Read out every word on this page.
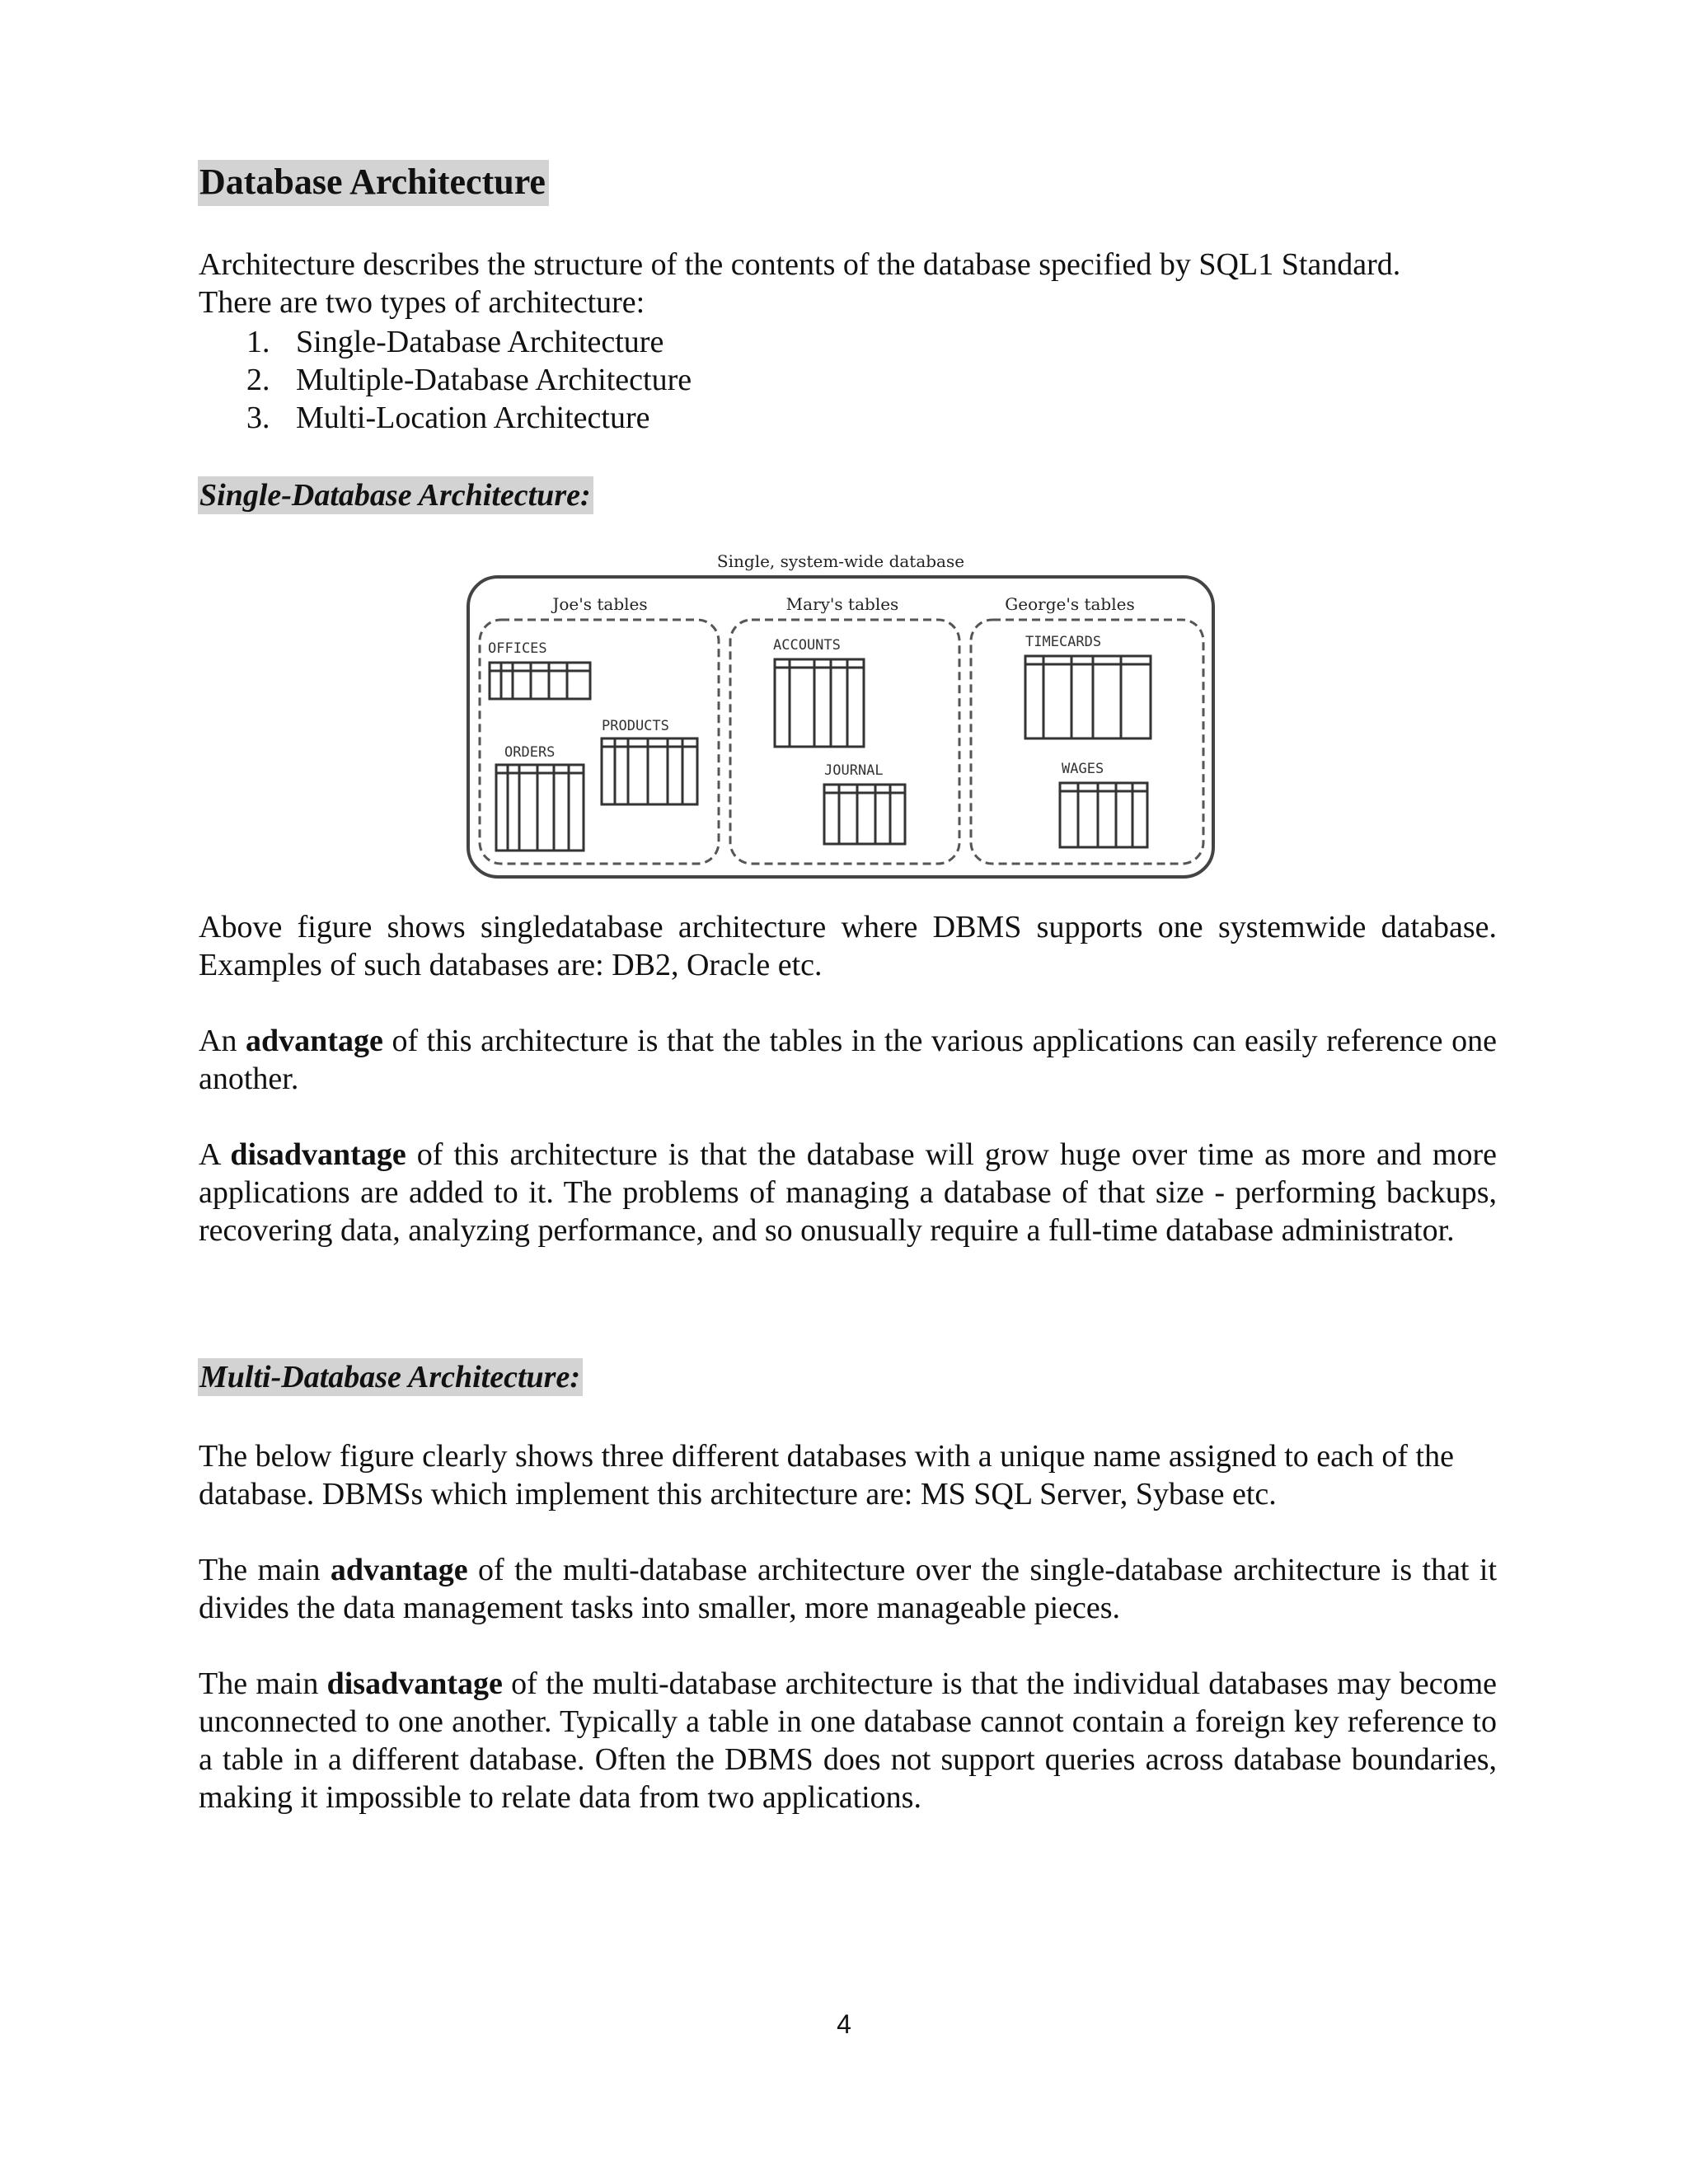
Database Architecture

Architecture describes the structure of the contents of the database specified by SQL1 Standard.
There are two types of architecture:

1. Single-Database Architecture
2. Multiple-Database Architecture
3. Multi-Location Architecture
Single-Database Architecture:
Single, system-wide database
Joe's tables	Mary's tables	George's tables
OFFICES
PRODUCTS
ORDERS
ACCOUNTS
JOURNAL
TIMECARDS
WAGES

Above figure shows singledatabase architecture where DBMS supports one systemwide database. Examples of such databases are: DB2, Oracle etc.

An advantage of this architecture is that the tables in the various applications can easily reference one another.

A disadvantage of this architecture is that the database will grow huge over time as more and more applications are added to it. The problems of managing a database of that size - performing backups, recovering data, analyzing performance, and so onusually require a full-time database administrator.

Multi-Database Architecture:

The below figure clearly shows three different databases with a unique name assigned to each of the database. DBMSs which implement this architecture are: MS SQL Server, Sybase etc.

The main advantage of the multi-database architecture over the single-database architecture is that it divides the data management tasks into smaller, more manageable pieces.

The main disadvantage of the multi-database architecture is that the individual databases may become unconnected to one another. Typically a table in one database cannot contain a foreign key reference to a table in a different database. Often the DBMS does not support queries across database boundaries, making it impossible to relate data from two applications.

4
